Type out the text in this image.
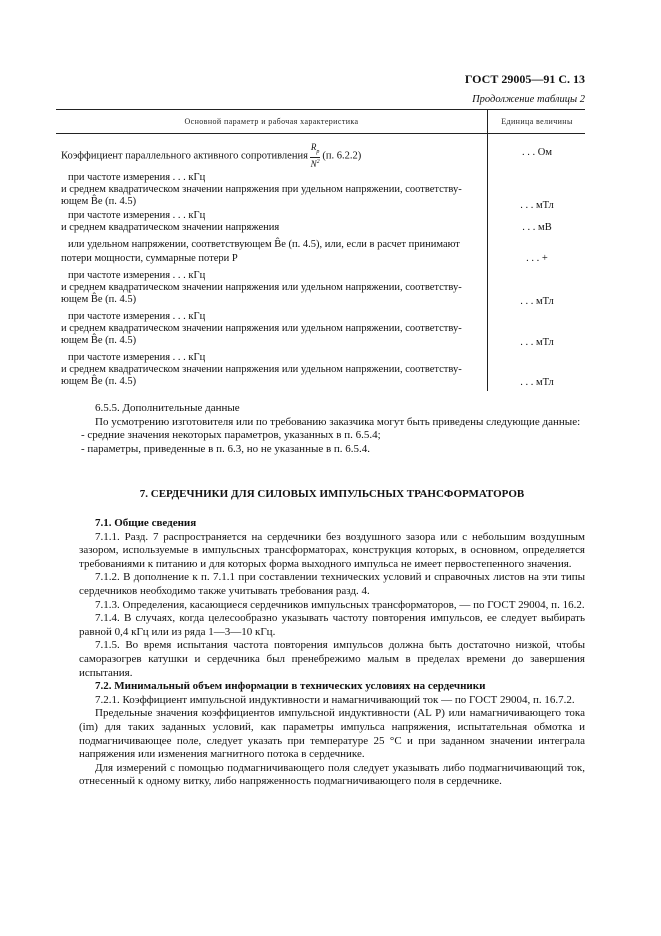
ГОСТ 29005—91 С. 13
Продолжение таблицы 2
Основной параметр и рабочая характеристика	Единица величины
Коэффициент параллельного активного сопротивления $\frac{R_p}{N^2} (п$. 6.2.2)	. . . Ом
при частоте измерения . . . кГц
и среднем квадратическом значении напряжения при удельном напряжении, соответству-
ющем B̂e (п. 4.5)	. . . мТл
при частоте измерения . . . кГц
и среднем квадратическом значении напряжения	. . . мВ
или удельном напряжении, соответствующем B̂e (п. 4.5), или, если в расчет принимают
потери мощности, суммарные потери P	. . . +
при частоте измерения . . . кГц
и среднем квадратическом значении напряжения или удельном напряжении, соответству-
ющем B̂e (п. 4.5)	. . . мТл
при частоте измерения . . . кГц
и среднем квадратическом значении напряжения или удельном напряжении, соответству-
ющем B̂e (п. 4.5)	. . . мТл
при частоте измерения . . . кГц
и среднем квадратическом значении напряжения или удельном напряжении, соответству-
ющем B̂e (п. 4.5)	. . . мТл

6.5.5. Дополнительные данные

По усмотрению изготовителя или по требованию заказчика могут быть приведены следующие данные:

- средние значения некоторых параметров, указанных в п. 6.5.4;

- параметры, приведенные в п. 6.3, но не указанные в п. 6.5.4.

7. СЕРДЕЧНИКИ ДЛЯ СИЛОВЫХ ИМПУЛЬСНЫХ ТРАНСФОРМАТОРОВ

7.1. Общие сведения

7.1.1. Разд. 7 распространяется на сердечники без воздушного зазора или с небольшим воздушным зазором, используемые в импульсных трансформаторах, конструкция которых, в основном, определяется требованиями к питанию и для которых форма выходного импульса не имеет первостепенного значения.

7.1.2. В дополнение к п. 7.1.1 при составлении технических условий и справочных листов на эти типы сердечников необходимо также учитывать требования разд. 4.

7.1.3. Определения, касающиеся сердечников импульсных трансформаторов, — по ГОСТ 29004, п. 16.2.

7.1.4. В случаях, когда целесообразно указывать частоту повторения импульсов, ее следует выбирать равной 0,4 кГц или из ряда 1—3—10 кГц.

7.1.5. Во время испытания частота повторения импульсов должна быть достаточно низкой, чтобы саморазогрев катушки и сердечника был пренебрежимо малым в пределах времени до завершения испытания.

7.2. Минимальный объем информации в технических условиях на сердечники

7.2.1. Коэффициент импульсной индуктивности и намагничивающий ток — по ГОСТ 29004, п. 16.7.2.

Предельные значения коэффициентов импульсной индуктивности (AL P) или намагничивающего тока (im) для таких заданных условий, как параметры импульса напряжения, испытательная обмотка и подмагничивающее поле, следует указать при температуре 25 °С и при заданном значении интеграла напряжения или изменения магнитного потока в сердечнике.

Для измерений с помощью подмагничивающего поля следует указывать либо подмагничивающий ток, отнесенный к одному витку, либо напряженность подмагничивающего поля в сердечнике.
